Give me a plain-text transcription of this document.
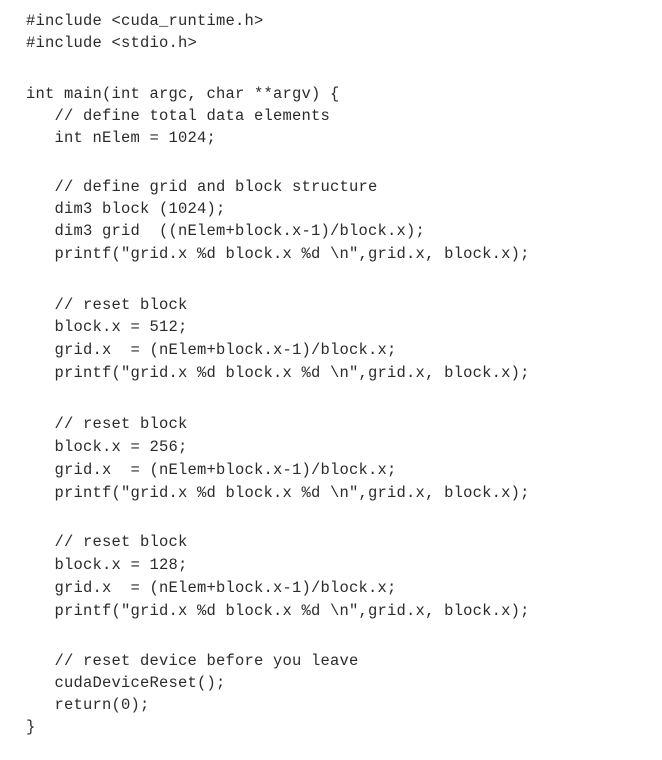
#include <cuda_runtime.h>

#include <stdio.h>

int main(int argc, char **argv) {

// define total data elements

int nElem = 1024;

// define grid and block structure

dim3 block (1024);

dim3 grid  ((nElem+block.x-1)/block.x);

printf("grid.x %d block.x %d \n",grid.x, block.x);

// reset block

block.x = 512;

grid.x  = (nElem+block.x-1)/block.x;

printf("grid.x %d block.x %d \n",grid.x, block.x);

// reset block

block.x = 256;

grid.x  = (nElem+block.x-1)/block.x;

printf("grid.x %d block.x %d \n",grid.x, block.x);

// reset block

block.x = 128;

grid.x  = (nElem+block.x-1)/block.x;

printf("grid.x %d block.x %d \n",grid.x, block.x);

// reset device before you leave

cudaDeviceReset();

return(0);

}
